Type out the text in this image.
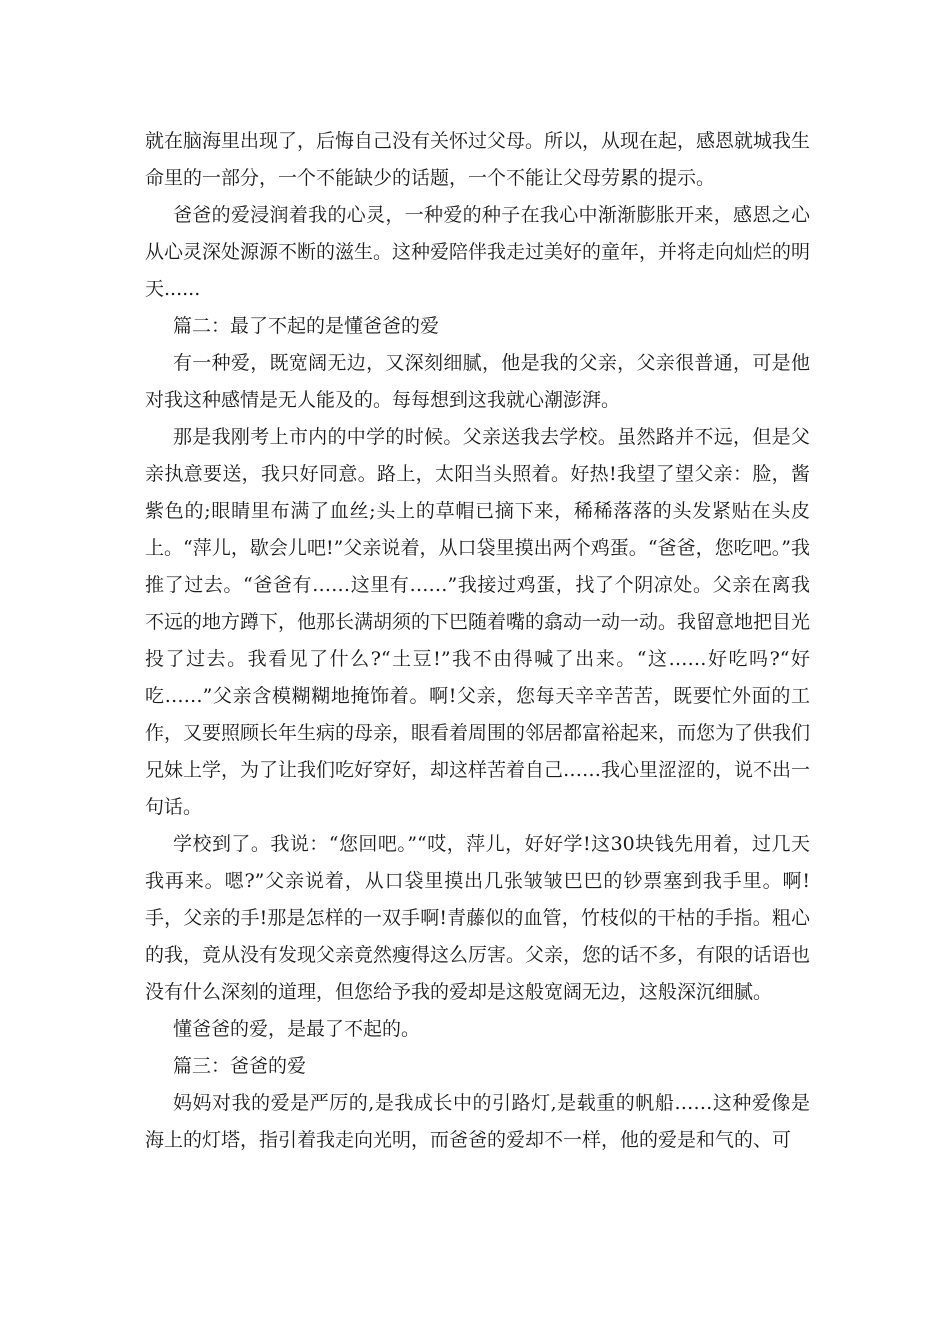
就在脑海里出现了，后悔自己没有关怀过父母。所以，从现在起，感恩就城我生命里的一部分，一个不能缺少的话题，一个不能让父母劳累的提示。

爸爸的爱浸润着我的心灵，一种爱的种子在我心中渐渐膨胀开来，感恩之心从心灵深处源源不断的滋生。这种爱陪伴我走过美好的童年，并将走向灿烂的明天......

篇二：最了不起的是懂爸爸的爱

有一种爱，既宽阔无边，又深刻细腻，他是我的父亲，父亲很普通，可是他对我这种感情是无人能及的。每每想到这我就心潮澎湃。

那是我刚考上市内的中学的时候。父亲送我去学校。虽然路并不远，但是父亲执意要送，我只好同意。路上，太阳当头照着。好热!我望了望父亲：脸，酱紫色的;眼睛里布满了血丝;头上的草帽已摘下来，稀稀落落的头发紧贴在头皮上。“萍儿，歇会儿吧!”父亲说着，从口袋里摸出两个鸡蛋。“爸爸，您吃吧。”我推了过去。“爸爸有……这里有……”我接过鸡蛋，找了个阴凉处。父亲在离我不远的地方蹲下，他那长满胡须的下巴随着嘴的翕动一动一动。我留意地把目光投了过去。我看见了什么?“土豆!”我不由得喊了出来。“这……好吃吗?“好吃……”父亲含模糊糊地掩饰着。啊!父亲，您每天辛辛苦苦，既要忙外面的工作，又要照顾长年生病的母亲，眼看着周围的邻居都富裕起来，而您为了供我们兄妹上学，为了让我们吃好穿好，却这样苦着自己……我心里涩涩的，说不出一句话。

学校到了。我说：“您回吧。”“哎，萍儿，好好学!这30块钱先用着，过几天我再来。嗯?”父亲说着，从口袋里摸出几张皱皱巴巴的钞票塞到我手里。啊!手，父亲的手!那是怎样的一双手啊!青藤似的血管，竹枝似的干枯的手指。粗心的我，竟从没有发现父亲竟然瘦得这么厉害。父亲，您的话不多，有限的话语也没有什么深刻的道理，但您给予我的爱却是这般宽阔无边，这般深沉细腻。

懂爸爸的爱，是最了不起的。

篇三：爸爸的爱

妈妈对我的爱是严厉的,是我成长中的引路灯,是载重的帆船……这种爱像是海上的灯塔，指引着我走向光明，而爸爸的爱却不一样，他的爱是和气的、可
